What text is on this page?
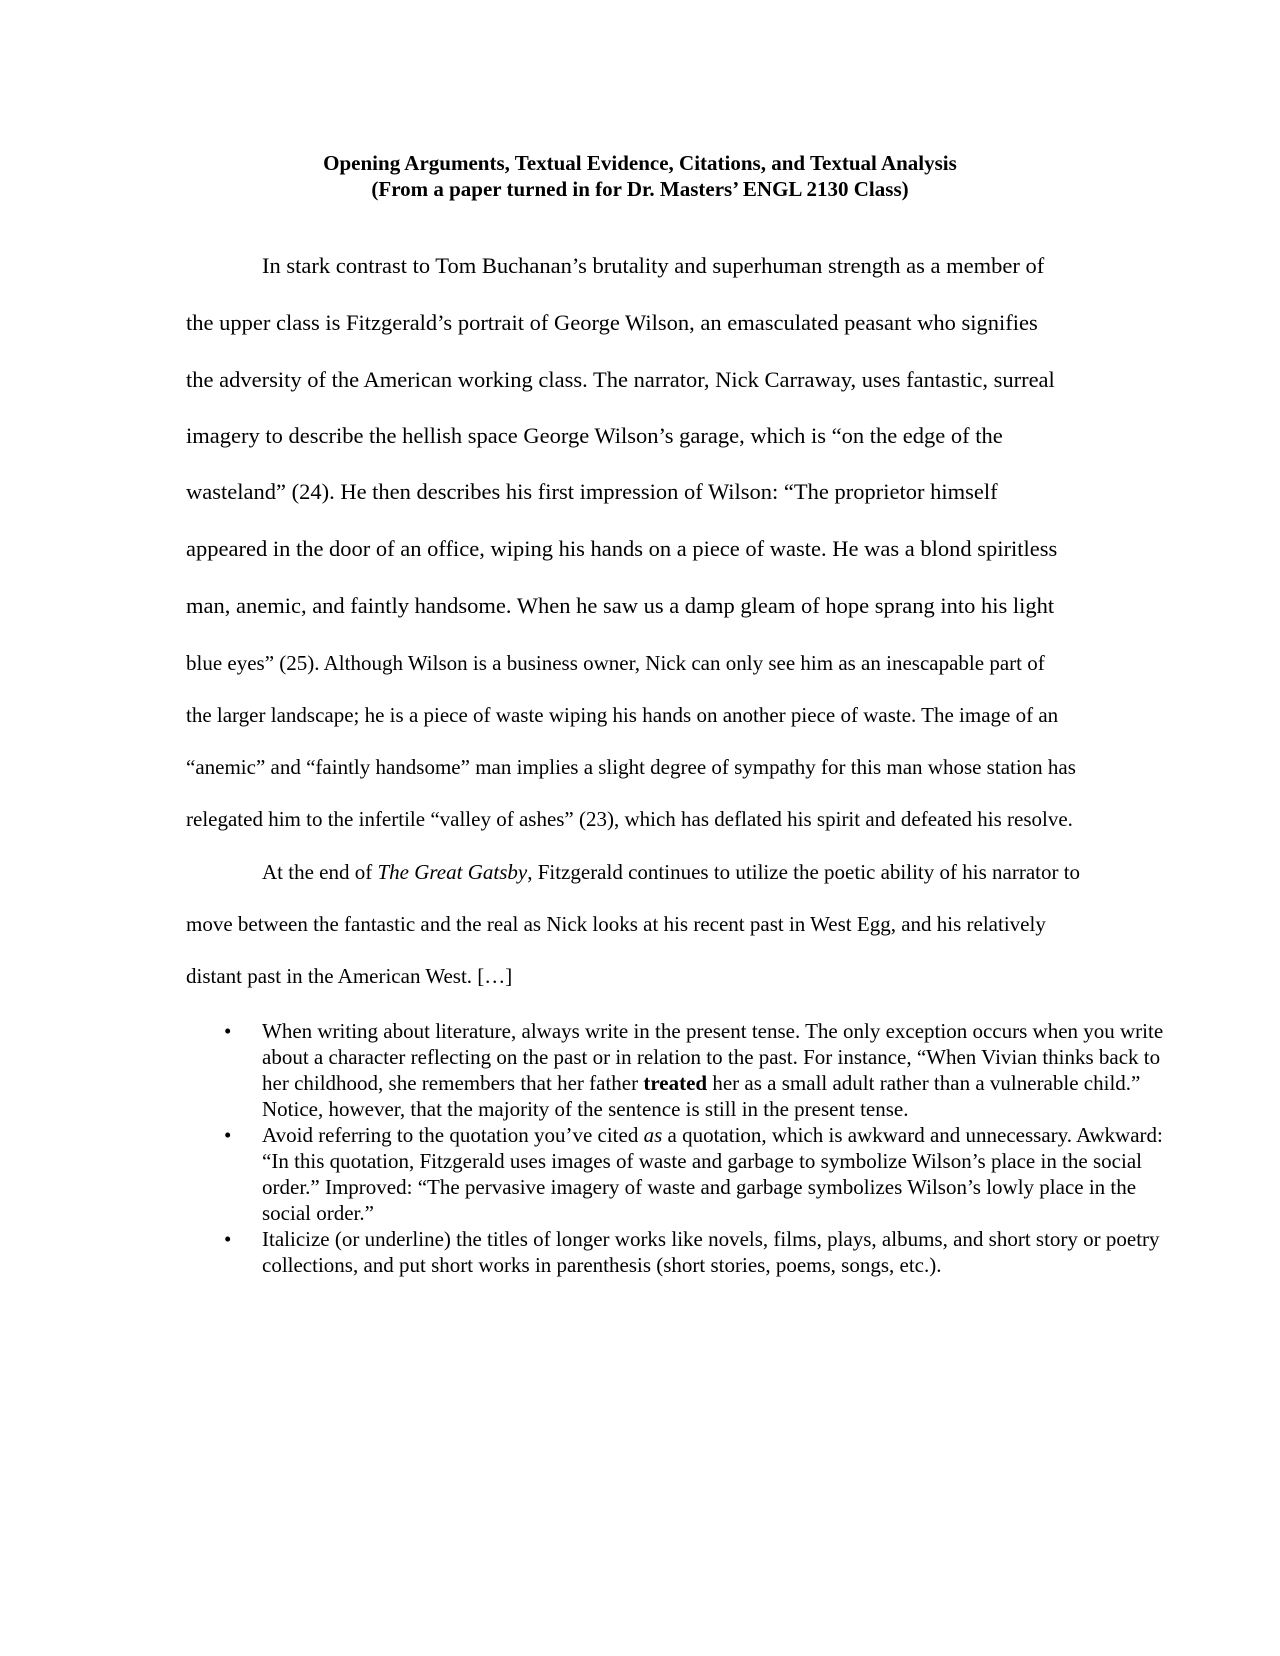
Opening Arguments, Textual Evidence, Citations, and Textual Analysis
(From a paper turned in for Dr. Masters’ ENGL 2130 Class)
In stark contrast to Tom Buchanan’s brutality and superhuman strength as a member of
the upper class is Fitzgerald’s portrait of George Wilson, an emasculated peasant who signifies
the adversity of the American working class. The narrator, Nick Carraway, uses fantastic, surreal
imagery to describe the hellish space George Wilson’s garage, which is “on the edge of the
wasteland” (24). He then describes his first impression of Wilson: “The proprietor himself
appeared in the door of an office, wiping his hands on a piece of waste. He was a blond spiritless
man, anemic, and faintly handsome. When he saw us a damp gleam of hope sprang into his light
blue eyes” (25). Although Wilson is a business owner, Nick can only see him as an inescapable part of
the larger landscape; he is a piece of waste wiping his hands on another piece of waste. The image of an
“anemic” and “faintly handsome” man implies a slight degree of sympathy for this man whose station has
relegated him to the infertile “valley of ashes” (23), which has deflated his spirit and defeated his resolve.
At the end of The Great Gatsby, Fitzgerald continues to utilize the poetic ability of his narrator to
move between the fantastic and the real as Nick looks at his recent past in West Egg, and his relatively
distant past in the American West. […]
• When writing about literature, always write in the present tense. The only exception occurs when you write about a character reflecting on the past or in relation to the past. For instance, “When Vivian thinks back to her childhood, she remembers that her father treated her as a small adult rather than a vulnerable child.” Notice, however, that the majority of the sentence is still in the present tense.
• Avoid referring to the quotation you’ve cited as a quotation, which is awkward and unnecessary. Awkward: “In this quotation, Fitzgerald uses images of waste and garbage to symbolize Wilson’s place in the social order.” Improved: “The pervasive imagery of waste and garbage symbolizes Wilson’s lowly place in the social order.”
• Italicize (or underline) the titles of longer works like novels, films, plays, albums, and short story or poetry collections, and put short works in parenthesis (short stories, poems, songs, etc.).
